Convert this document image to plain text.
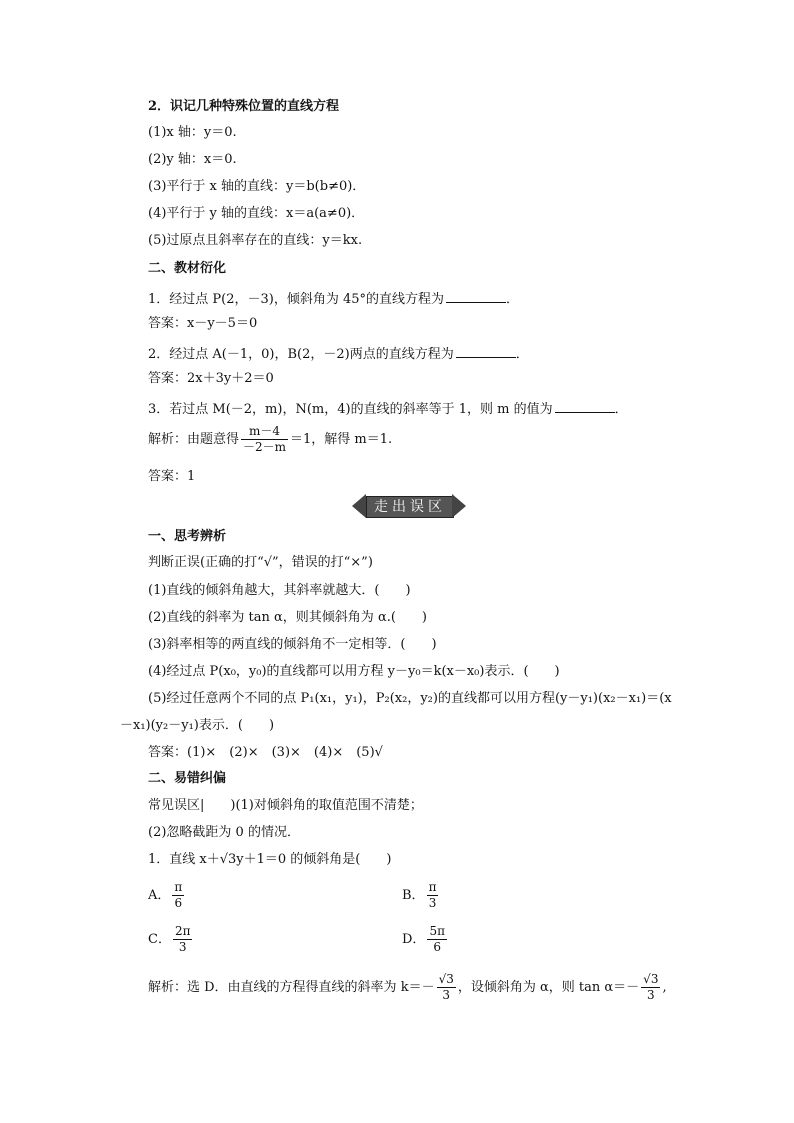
2．识记几种特殊位置的直线方程
(1)x 轴：y＝0.
(2)y 轴：x＝0.
(3)平行于 x 轴的直线：y＝b(b≠0)．
(4)平行于 y 轴的直线：x＝a(a≠0)．
(5)过原点且斜率存在的直线：y＝kx.
二、教材衍化
1．经过点 P(2，－3)，倾斜角为 45°的直线方程为	．
答案：x－y－5＝0
2．经过点 A(－1，0)，B(2，－2)两点的直线方程为	．
答案：2x＋3y＋2＝0
3．若过点 M(－2，m)，N(m，4)的直线的斜率等于 1，则 m 的值为	．
解析：由题意得 $\frac{m-4}{-2-m} =1$，解得 m＝1.
答案：1
走出误区
一、思考辨析
判断正误(正确的打“√”，错误的打“×”)
(1)直线的倾斜角越大，其斜率就越大．(　　)
(2)直线的斜率为 tan α，则其倾斜角为 α.(　　)
(3)斜率相等的两直线的倾斜角不一定相等．(　　)
(4)经过点 P(x₀，y₀)的直线都可以用方程 y－y₀＝k(x－x₀)表示．(　　)
(5)经过任意两个不同的点 P₁(x₁，y₁)，P₂(x₂，y₂)的直线都可以用方程(y－y₁)(x₂－x₁)＝(x
－x₁)(y₂－y₁)表示．(　　)
答案：(1)×　(2)×　(3)×　(4)×　(5)√
二、易错纠偏
常见误区|　　)(1)对倾斜角的取值范围不清楚；
(2)忽略截距为 0 的情况．
1．直线 x＋√3y＋1＝0 的倾斜角是(　　)
A． $\frac{\pi}{6}$	B． $\frac{\pi}{3}$
C． $\frac{2\pi}{3}$	D． $\frac{5\pi}{6}$
解析：选 D．由直线的方程得直线的斜率为 $k=- \frac{√3}{3}$ ，设倾斜角为 α，则 $\tan \alpha=- \frac{√3}{3}$ ,
